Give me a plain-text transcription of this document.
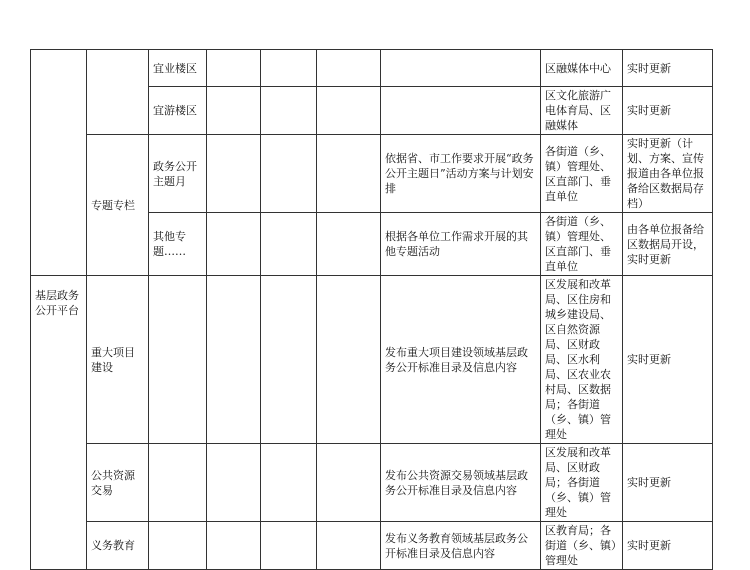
		宜业楼区					区融媒体中心	实时更新
		宜游楼区					区文化旅游广电体育局、区融媒体	实时更新
	专题专栏	政务公开主题月				依据省、市工作要求开展“政务公开主题日”活动方案与计划安排	各街道（乡、镇）管理处、区直部门、垂直单位	实时更新（计划、方案、宣传报道由各单位报备给区数据局存档）
		其他专题……				根据各单位工作需求开展的其他专题活动	各街道（乡、镇）管理处、区直部门、垂直单位	由各单位报备给区数据局开设，实时更新

基层政务公开平台	重大项目建设					发布重大项目建设领域基层政务公开标准目录及信息内容	区发展和改革局、区住房和城乡建设局、区自然资源局、区财政局、区水利局、区农业农村局、区数据局；各街道（乡、镇）管理处	实时更新
	公共资源交易					发布公共资源交易领域基层政务公开标准目录及信息内容	区发展和改革局、区财政局；各街道（乡、镇）管理处	实时更新
	义务教育					发布义务教育领域基层政务公开标准目录及信息内容	区教育局；各街道（乡、镇）管理处	实时更新
